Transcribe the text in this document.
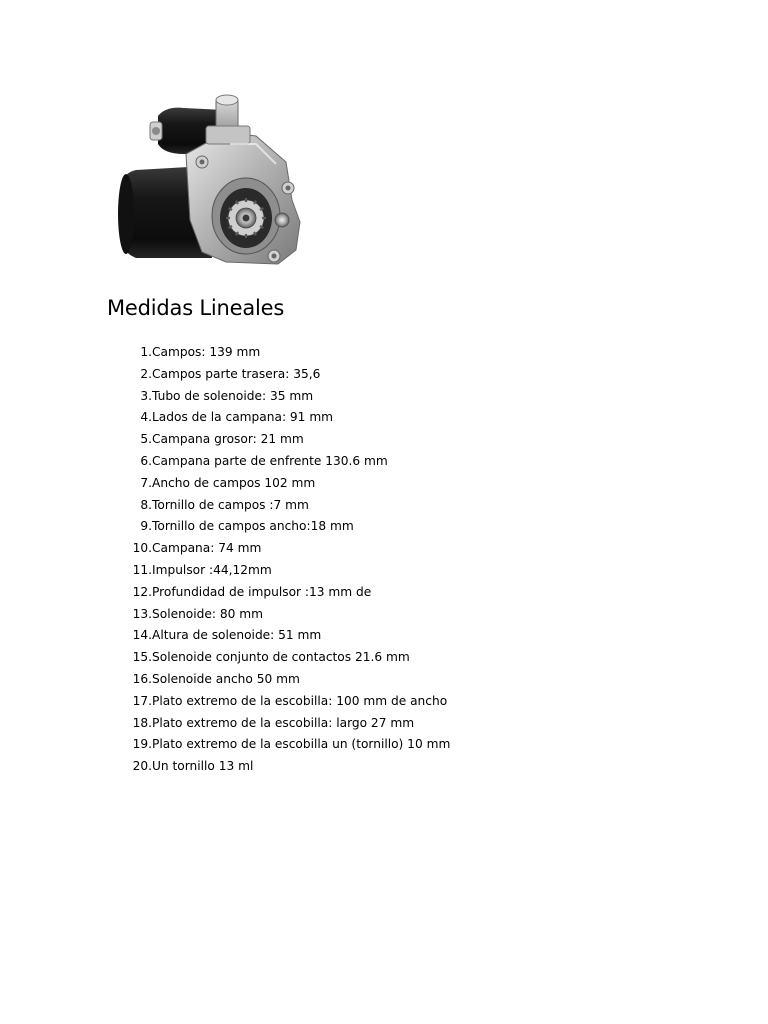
Medidas Lineales
1. Campos: 139 mm
2. Campos parte trasera: 35,6
3. Tubo de solenoide: 35 mm
4. Lados de la campana: 91 mm
5. Campana grosor: 21 mm
6. Campana parte de enfrente 130.6 mm
7. Ancho de campos 102 mm
8. Tornillo de campos :7 mm
9. Tornillo de campos ancho:18 mm
10. Campana: 74 mm
11. Impulsor :44,12mm
12. Profundidad de impulsor :13 mm de
13. Solenoide: 80 mm
14. Altura de solenoide: 51 mm
15. Solenoide conjunto de contactos 21.6 mm
16. Solenoide ancho 50 mm
17. Plato extremo de la escobilla: 100 mm de ancho
18. Plato extremo de la escobilla: largo 27 mm
19. Plato extremo de la escobilla un (tornillo) 10 mm
20. Un tornillo 13 ml
